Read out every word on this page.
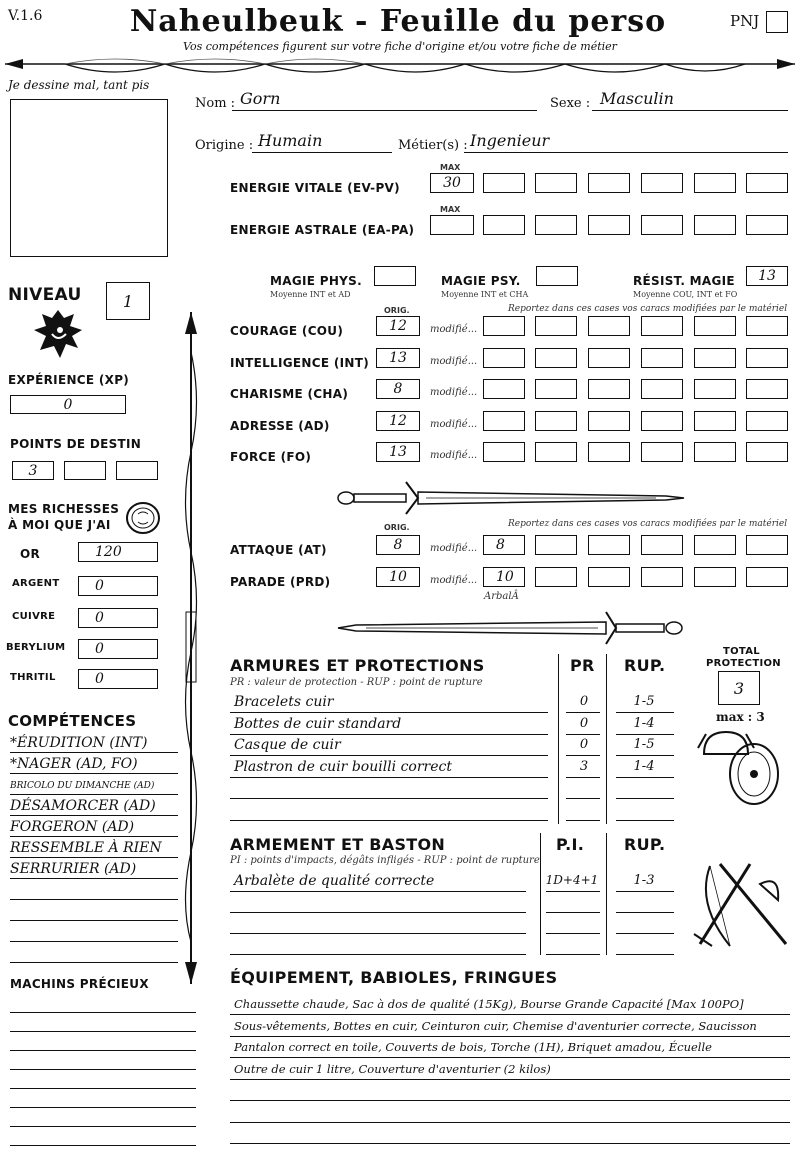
V.1.6	Naheulbeuk - Feuille du perso	PNJ
Vos compétences figurent sur votre fiche d'origine et/ou votre fiche de métier
Je dessine mal, tant pis
Nom : Gorn	Sexe : Masculin
Origine : Humain	Métier(s) : Ingenieur
MAX
ENERGIE VITALE (EV-PV)	30
MAX
ENERGIE ASTRALE (EA-PA)
MAGIE PHYS.
Moyenne INT et AD
MAGIE PSY.
Moyenne INT et CHA
RÉSIST. MAGIE
Moyenne COU, INT et FO
13
NIVEAU	1
EXPÉRIENCE (XP)
0
POINTS DE DESTIN
3
MES RICHESSES
À MOI QUE J'AI
OR	120
ARGENT	0
CUIVRE	0
BERYLIUM	0
THRITIL	0
COMPÉTENCES
*ÉRUDITION (INT)
*NAGER (AD, FO)
BRICOLO DU DIMANCHE (AD)
DÉSAMORCER (AD)
FORGERON (AD)
RESSEMBLE À RIEN
SERRURIER (AD)
ORIG.	Reportez dans ces cases vos caracs modifiées par le matériel
COURAGE (COU)	12	modifié...
INTELLIGENCE (INT)	13	modifié...
CHARISME (CHA)	8	modifié...
ADRESSE (AD)	12	modifié...
FORCE (FO)	13	modifié...
ORIG.	Reportez dans ces cases vos caracs modifiées par le matériel
ATTAQUE (AT)	8	modifié...	8
PARADE (PRD)	10	modifié...	10
ArbalÂ
ARMURES ET PROTECTIONS
PR : valeur de protection - RUP : point de rupture
PR RUP.
Bracelets cuir	0	1-5
Bottes de cuir standard	0	1-4
Casque de cuir	0	1-5
Plastron de cuir bouilli correct	3	1-4
TOTAL
PROTECTION
3
max : 3
ARMEMENT ET BASTON
PI : points d'impacts, dégâts infligés - RUP : point de rupture
P.I. RUP.
Arbalète de qualité correcte	1D+4+1	1-3
MACHINS PRÉCIEUX	ÉQUIPEMENT, BABIOLES, FRINGUES
Chaussette chaude, Sac à dos de qualité (15Kg), Bourse Grande Capacité [Max 100PO]
Sous-vêtements, Bottes en cuir, Ceinturon cuir, Chemise d'aventurier correcte, Saucisson
Pantalon correct en toile, Couverts de bois, Torche (1H), Briquet amadou, Écuelle
Outre de cuir 1 litre, Couverture d'aventurier (2 kilos)
